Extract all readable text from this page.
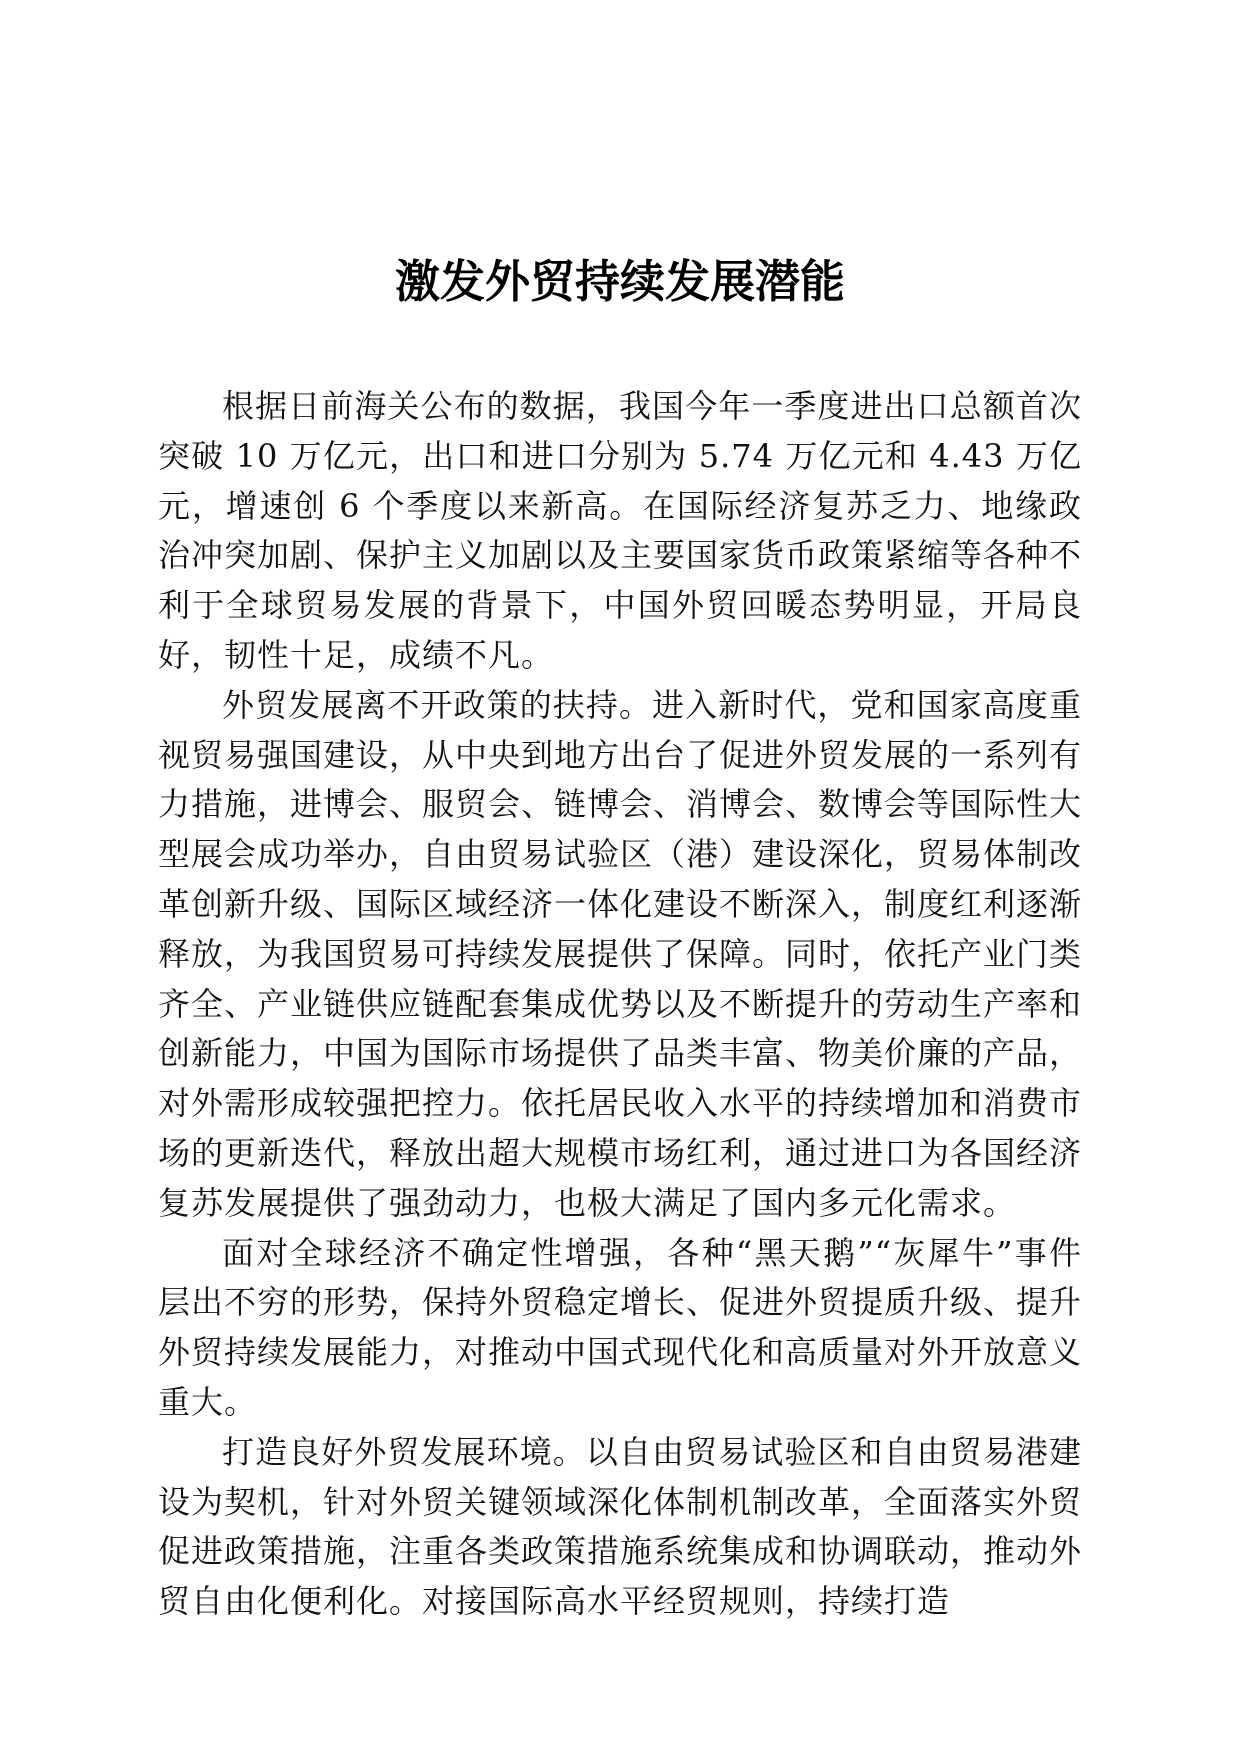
激发外贸持续发展潜能

根据日前海关公布的数据，我国今年一季度进出口总额首次突破 10 万亿元，出口和进口分别为 5.74 万亿元和 4.43 万亿元，增速创 6 个季度以来新高。在国际经济复苏乏力、地缘政治冲突加剧、保护主义加剧以及主要国家货币政策紧缩等各种不利于全球贸易发展的背景下，中国外贸回暖态势明显，开局良好，韧性十足，成绩不凡。

外贸发展离不开政策的扶持。进入新时代，党和国家高度重视贸易强国建设，从中央到地方出台了促进外贸发展的一系列有力措施，进博会、服贸会、链博会、消博会、数博会等国际性大型展会成功举办，自由贸易试验区（港）建设深化，贸易体制改革创新升级、国际区域经济一体化建设不断深入，制度红利逐渐释放，为我国贸易可持续发展提供了保障。同时，依托产业门类齐全、产业链供应链配套集成优势以及不断提升的劳动生产率和创新能力，中国为国际市场提供了品类丰富、物美价廉的产品，对外需形成较强把控力。依托居民收入水平的持续增加和消费市场的更新迭代，释放出超大规模市场红利，通过进口为各国经济复苏发展提供了强劲动力，也极大满足了国内多元化需求。

面对全球经济不确定性增强，各种“黑天鹅”“灰犀牛”事件层出不穷的形势，保持外贸稳定增长、促进外贸提质升级、提升外贸持续发展能力，对推动中国式现代化和高质量对外开放意义重大。

打造良好外贸发展环境。以自由贸易试验区和自由贸易港建设为契机，针对外贸关键领域深化体制机制改革，全面落实外贸促进政策措施，注重各类政策措施系统集成和协调联动，推动外贸自由化便利化。对接国际高水平经贸规则，持续打造
